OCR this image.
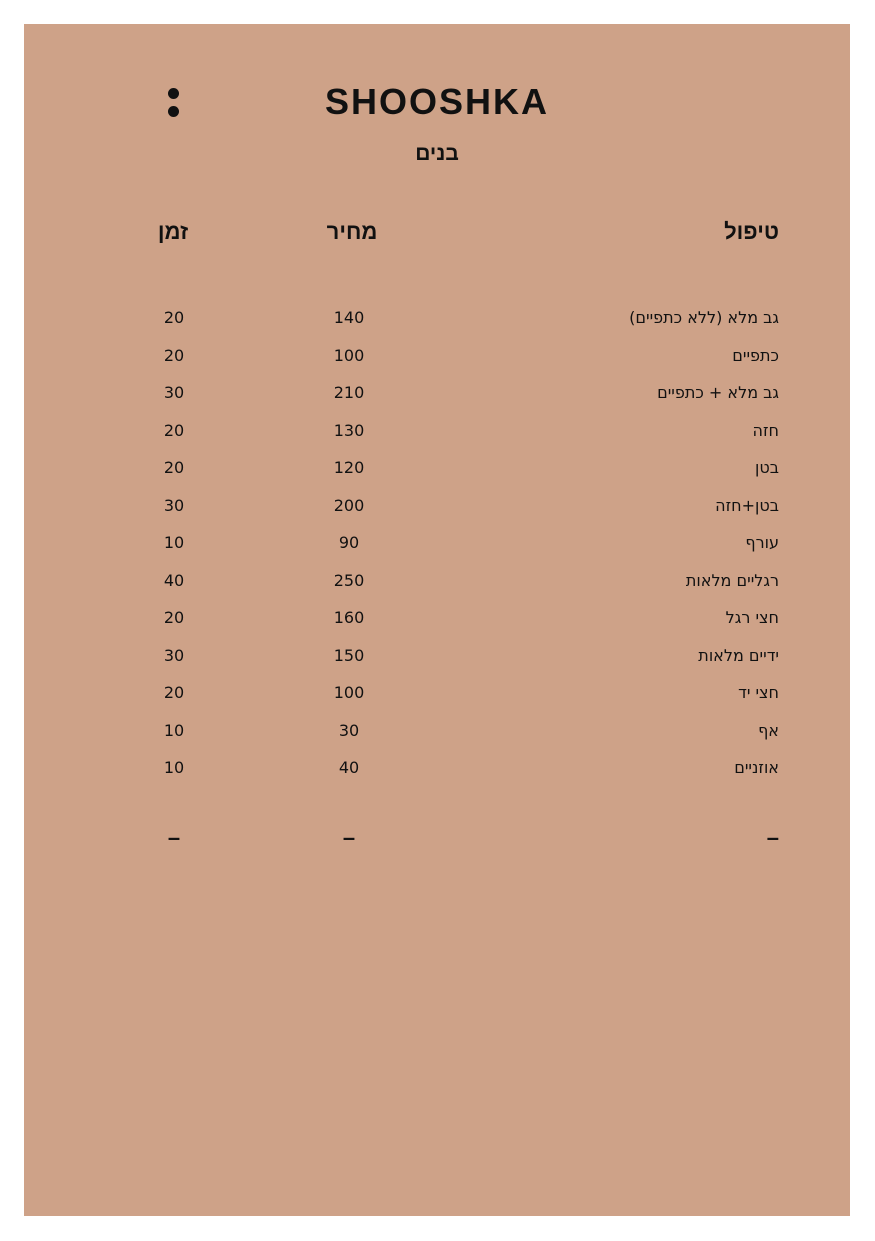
SHOOSHKA
בנים
טיפול
מחיר
זמן
גב מלא (ללא כתפיים)
140
20
כתפיים
100
20
גב מלא + כתפיים
210
30
חזה
130
20
בטן
120
20
בטן+חזה
200
30
עורף
90
10
רגליים מלאות
250
40
חצי רגל
160
20
ידיים מלאות
150
30
חצי יד
100
20
אף
30
10
אוזניים
40
10
–
–
–
